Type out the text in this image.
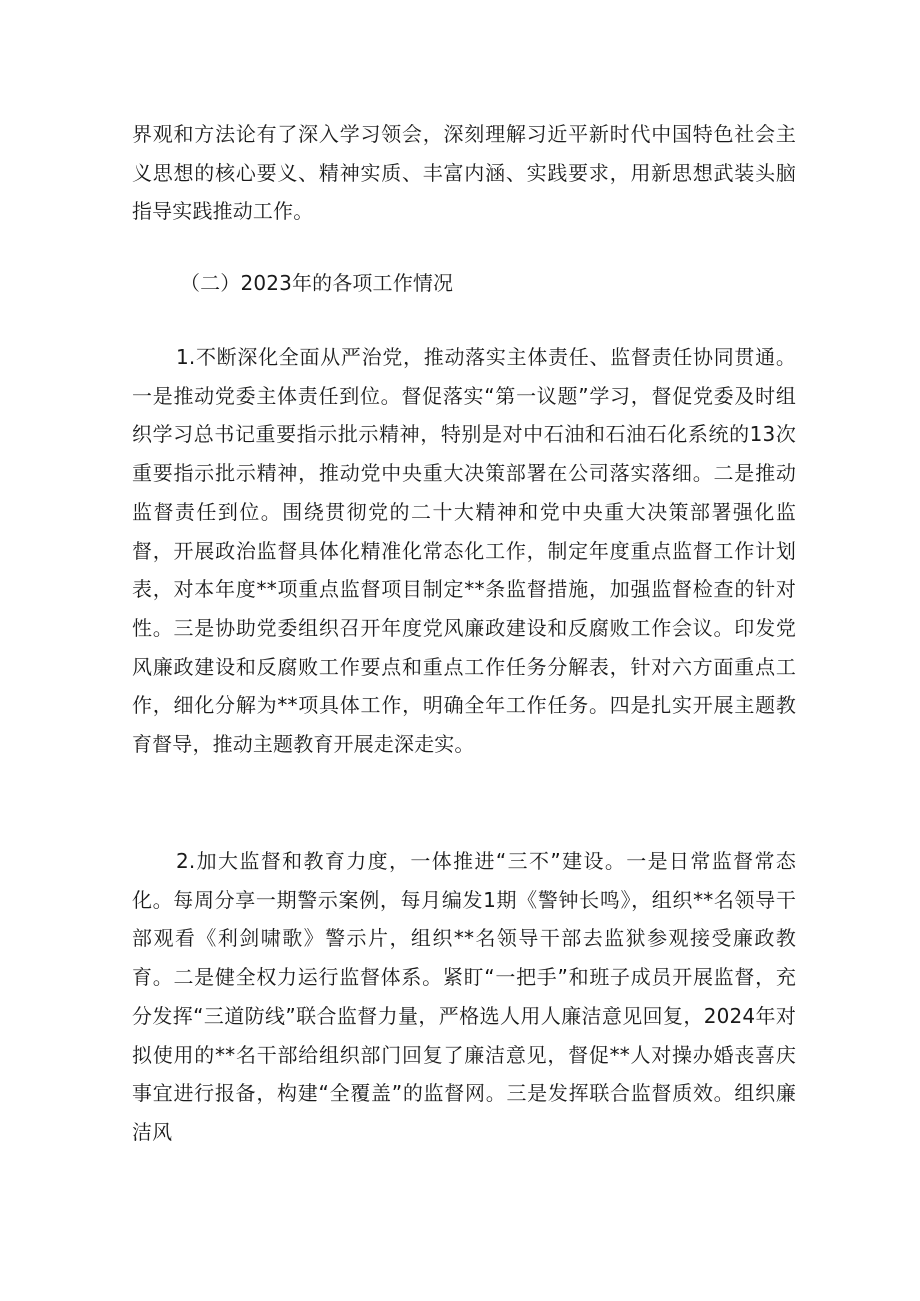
界观和方法论有了深入学习领会，深刻理解习近平新时代中国特色社会主义思想的核心要义、精神实质、丰富内涵、实践要求，用新思想武装头脑指导实践推动工作。

（二）2023年的各项工作情况

1.不断深化全面从严治党，推动落实主体责任、监督责任协同贯通。一是推动党委主体责任到位。督促落实“第一议题”学习，督促党委及时组织学习总书记重要指示批示精神，特别是对中石油和石油石化系统的13次重要指示批示精神，推动党中央重大决策部署在公司落实落细。二是推动监督责任到位。围绕贯彻党的二十大精神和党中央重大决策部署强化监督，开展政治监督具体化精准化常态化工作，制定年度重点监督工作计划表，对本年度**项重点监督项目制定**条监督措施，加强监督检查的针对性。三是协助党委组织召开年度党风廉政建设和反腐败工作会议。印发党风廉政建设和反腐败工作要点和重点工作任务分解表，针对六方面重点工作，细化分解为**项具体工作，明确全年工作任务。四是扎实开展主题教育督导，推动主题教育开展走深走实。

2.加大监督和教育力度，一体推进“三不”建设。一是日常监督常态化。每周分享一期警示案例，每月编发1期《警钟长鸣》，组织**名领导干部观看《利剑啸歌》警示片，组织**名领导干部去监狱参观接受廉政教育。二是健全权力运行监督体系。紧盯“一把手”和班子成员开展监督，充分发挥“三道防线”联合监督力量，严格选人用人廉洁意见回复，2024年对拟使用的**名干部给组织部门回复了廉洁意见，督促**人对操办婚丧喜庆事宜进行报备，构建“全覆盖”的监督网。三是发挥联合监督质效。组织廉洁风
